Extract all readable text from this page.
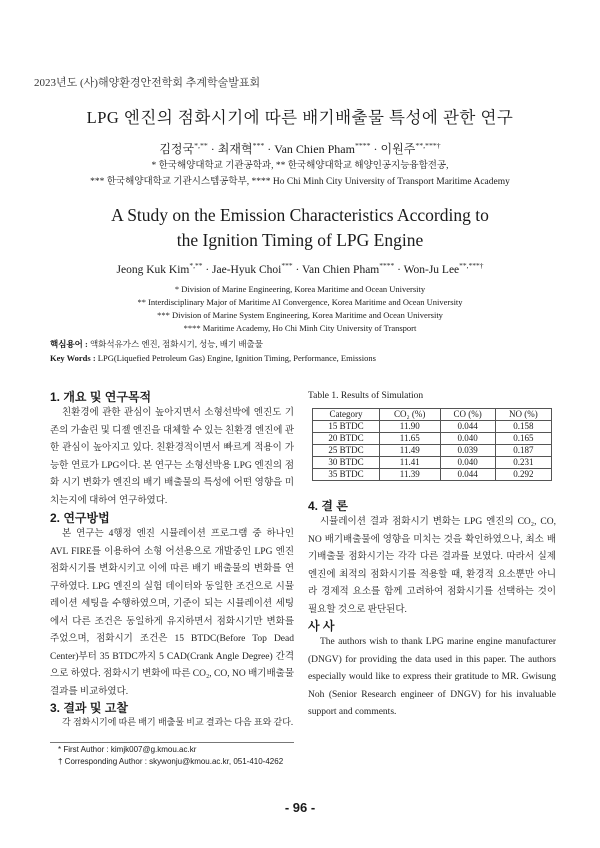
2023년도 (사)해양환경안전학회 추계학술발표회
LPG 엔진의 점화시기에 따른 배기배출물 특성에 관한 연구
김정국*,** · 최재혁*** · Van Chien Pham**** · 이원주**,***†
* 한국해양대학교 기관공학과, ** 한국해양대학교 해양인공지능융합전공,
*** 한국해양대학교 기관시스템공학부, **** Ho Chi Minh City University of Transport Maritime Academy
A Study on the Emission Characteristics According to
the Ignition Timing of LPG Engine
Jeong Kuk Kim*,** · Jae-Hyuk Choi*** · Van Chien Pham**** · Won-Ju Lee**,***†
* Division of Marine Engineering, Korea Maritime and Ocean University
** Interdisciplinary Major of Maritime AI Convergence, Korea Maritime and Ocean University
*** Division of Marine System Engineering, Korea Maritime and Ocean University
**** Maritime Academy, Ho Chi Minh City University of Transport
핵심용어 : 액화석유가스 엔진, 점화시기, 성능, 배기 배출물
Key Words : LPG(Liquefied Petroleum Gas) Engine, Ignition Timing, Performance, Emissions
1. 개요 및 연구목적

친환경에 관한 관심이 높아지면서 소형선박에 엔진도 기존의 가솔린 및 디젤 엔진을 대체할 수 있는 친환경 엔진에 관한 관심이 높아지고 있다. 친환경적이면서 빠르게 적용이 가능한 연료가 LPG이다. 본 연구는 소형선박용 LPG 엔진의 점화 시기 변화가 엔진의 배기 배출물의 특성에 어떤 영향을 미치는지에 대하여 연구하였다.

2. 연구방법

본 연구는 4행정 엔진 시뮬레이션 프로그램 중 하나인 AVL FIRE를 이용하여 소형 어선용으로 개발중인 LPG 엔진 점화시기를 변화시키고 이에 따른 배기 배출물의 변화를 연구하였다. LPG 엔진의 실험 데이터와 동일한 조건으로 시뮬레이션 세팅을 수행하였으며, 기준이 되는 시뮬레이션 세팅에서 다른 조건은 동일하게 유지하면서 점화시기만 변화를 주었으며, 점화시기 조건은 15 BTDC(Before Top Dead Center)부터 35 BTDC까지 5 CAD(Crank Angle Degree) 간격으로 하였다. 점화시기 변화에 따른 CO₂, CO, NO 배기배출물 결과를 비교하였다.

3. 결과 및 고찰

각 점화시기에 따른 배기 배출물 비교 결과는 다음 표와 같다.

* First Author : kimjk007@g.kmou.ac.kr
† Corresponding Author : skywonju@kmou.ac.kr, 051-410-4262
Table 1. Results of Simulation
Category	CO₂ (%)	CO (%)	NO (%)
15 BTDC	11.90	0.044	0.158
20 BTDC	11.65	0.040	0.165
25 BTDC	11.49	0.039	0.187
30 BTDC	11.41	0.040	0.231
35 BTDC	11.39	0.044	0.292
4. 결 론

시뮬레이션 결과 점화시기 변화는 LPG 엔진의 CO₂, CO, NO 배기배출물에 영향을 미치는 것을 확인하였으나, 최소 배기배출물 점화시기는 각각 다른 결과를 보였다. 따라서 실제 엔진에 최적의 점화시기를 적용할 때, 환경적 요소뿐만 아니라 경제적 요소를 함께 고려하여 점화시기를 선택하는 것이 필요할 것으로 판단된다.

사 사

The authors wish to thank LPG marine engine manufacturer (DNGV) for providing the data used in this paper. The authors especially would like to express their gratitude to MR. Gwisung Noh (Senior Research engineer of DNGV) for his invaluable support and comments.

- 96 -
